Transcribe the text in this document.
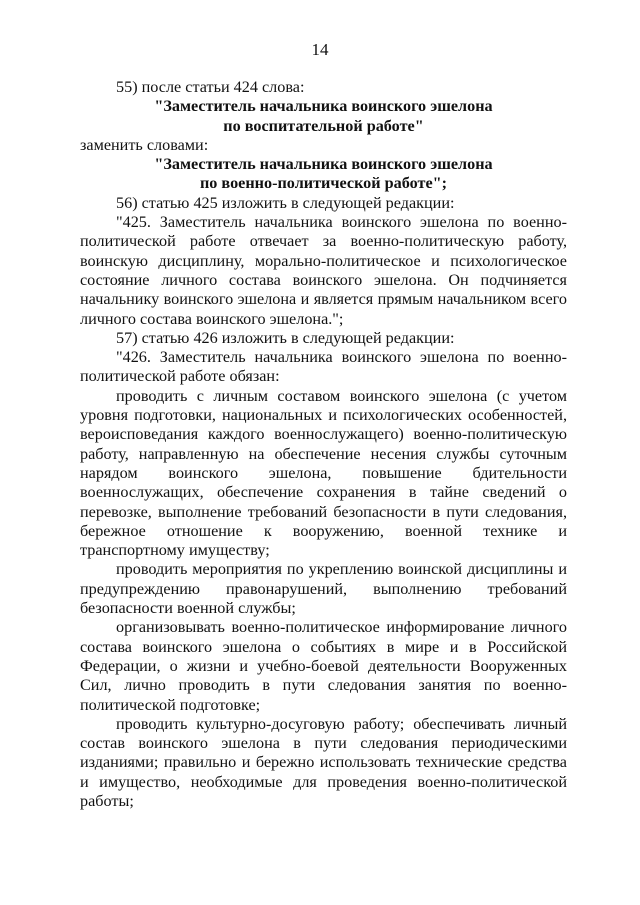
14

55) после статьи 424 слова:

"Заместитель начальника воинского эшелона

по воспитательной работе"

заменить словами:

"Заместитель начальника воинского эшелона

по военно-политической работе";

56) статью 425 изложить в следующей редакции:

"425. Заместитель начальника воинского эшелона по военно-политической работе отвечает за военно-политическую работу, воинскую дисциплину, морально-политическое и психологическое состояние личного состава воинского эшелона. Он подчиняется начальнику воинского эшелона и является прямым начальником всего личного состава воинского эшелона.";

57) статью 426 изложить в следующей редакции:

"426. Заместитель начальника воинского эшелона по военно-политической работе обязан:

проводить с личным составом воинского эшелона (с учетом уровня подготовки, национальных и психологических особенностей, вероисповедания каждого военнослужащего) военно-политическую работу, направленную на обеспечение несения службы суточным нарядом воинского эшелона, повышение бдительности военнослужащих, обеспечение сохранения в тайне сведений о перевозке, выполнение требований безопасности в пути следования, бережное отношение к вооружению, военной технике и транспортному имуществу;

проводить мероприятия по укреплению воинской дисциплины и предупреждению правонарушений, выполнению требований безопасности военной службы;

организовывать военно-политическое информирование личного состава воинского эшелона о событиях в мире и в Российской Федерации, о жизни и учебно-боевой деятельности Вооруженных Сил, лично проводить в пути следования занятия по военно-политической подготовке;

проводить культурно-досуговую работу; обеспечивать личный состав воинского эшелона в пути следования периодическими изданиями; правильно и бережно использовать технические средства и имущество, необходимые для проведения военно-политической работы;
